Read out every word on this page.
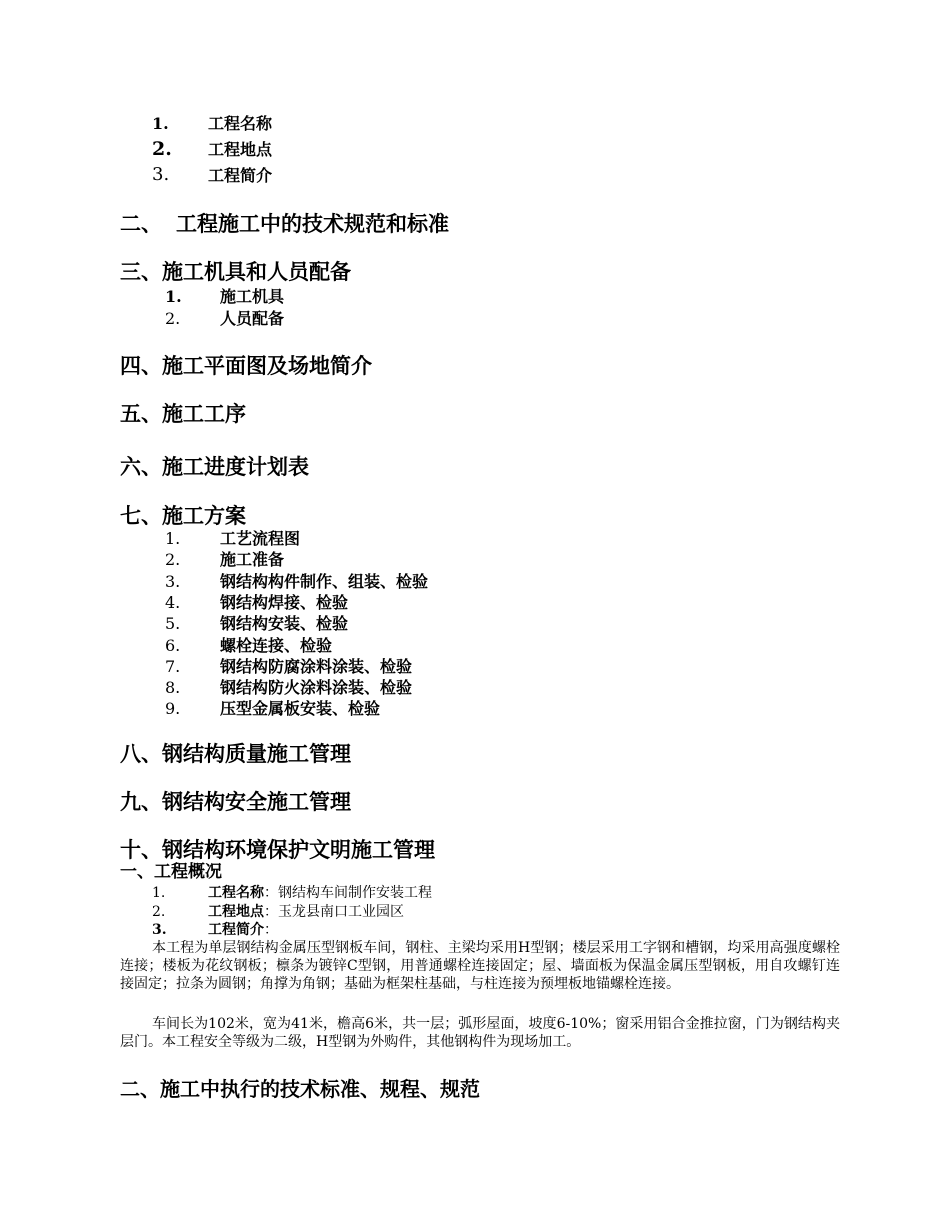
1. 工程名称
2. 工程地点
3. 工程简介
二、 工程施工中的技术规范和标准
三、施工机具和人员配备
1. 施工机具
2. 人员配备
四、施工平面图及场地简介
五、施工工序
六、施工进度计划表
七、施工方案
1. 工艺流程图
2. 施工准备
3. 钢结构构件制作、组装、检验
4. 钢结构焊接、检验
5. 钢结构安装、检验
6. 螺栓连接、检验
7. 钢结构防腐涂料涂装、检验
8. 钢结构防火涂料涂装、检验
9. 压型金属板安装、检验
八、钢结构质量施工管理
九、钢结构安全施工管理
十、钢结构环境保护文明施工管理
一、工程概况
1.	工程名称：钢结构车间制作安装工程
2.	工程地点：玉龙县南口工业园区
3.	工程简介：
本工程为单层钢结构金属压型钢板车间，钢柱、主梁均采用H型钢；楼层采用工字钢和槽钢，均采用高强度螺栓连接；楼板为花纹钢板；檩条为镀锌C型钢，用普通螺栓连接固定；屋、墙面板为保温金属压型钢板，用自攻螺钉连接固定；拉条为圆钢；角撑为角钢；基础为框架柱基础，与柱连接为预埋板地锚螺栓连接。
车间长为102米，宽为41米，檐高6米，共一层；弧形屋面，坡度6-10%；窗采用铝合金推拉窗，门为钢结构夹层门。本工程安全等级为二级，H型钢为外购件，其他钢构件为现场加工。
二、施工中执行的技术标准、规程、规范
